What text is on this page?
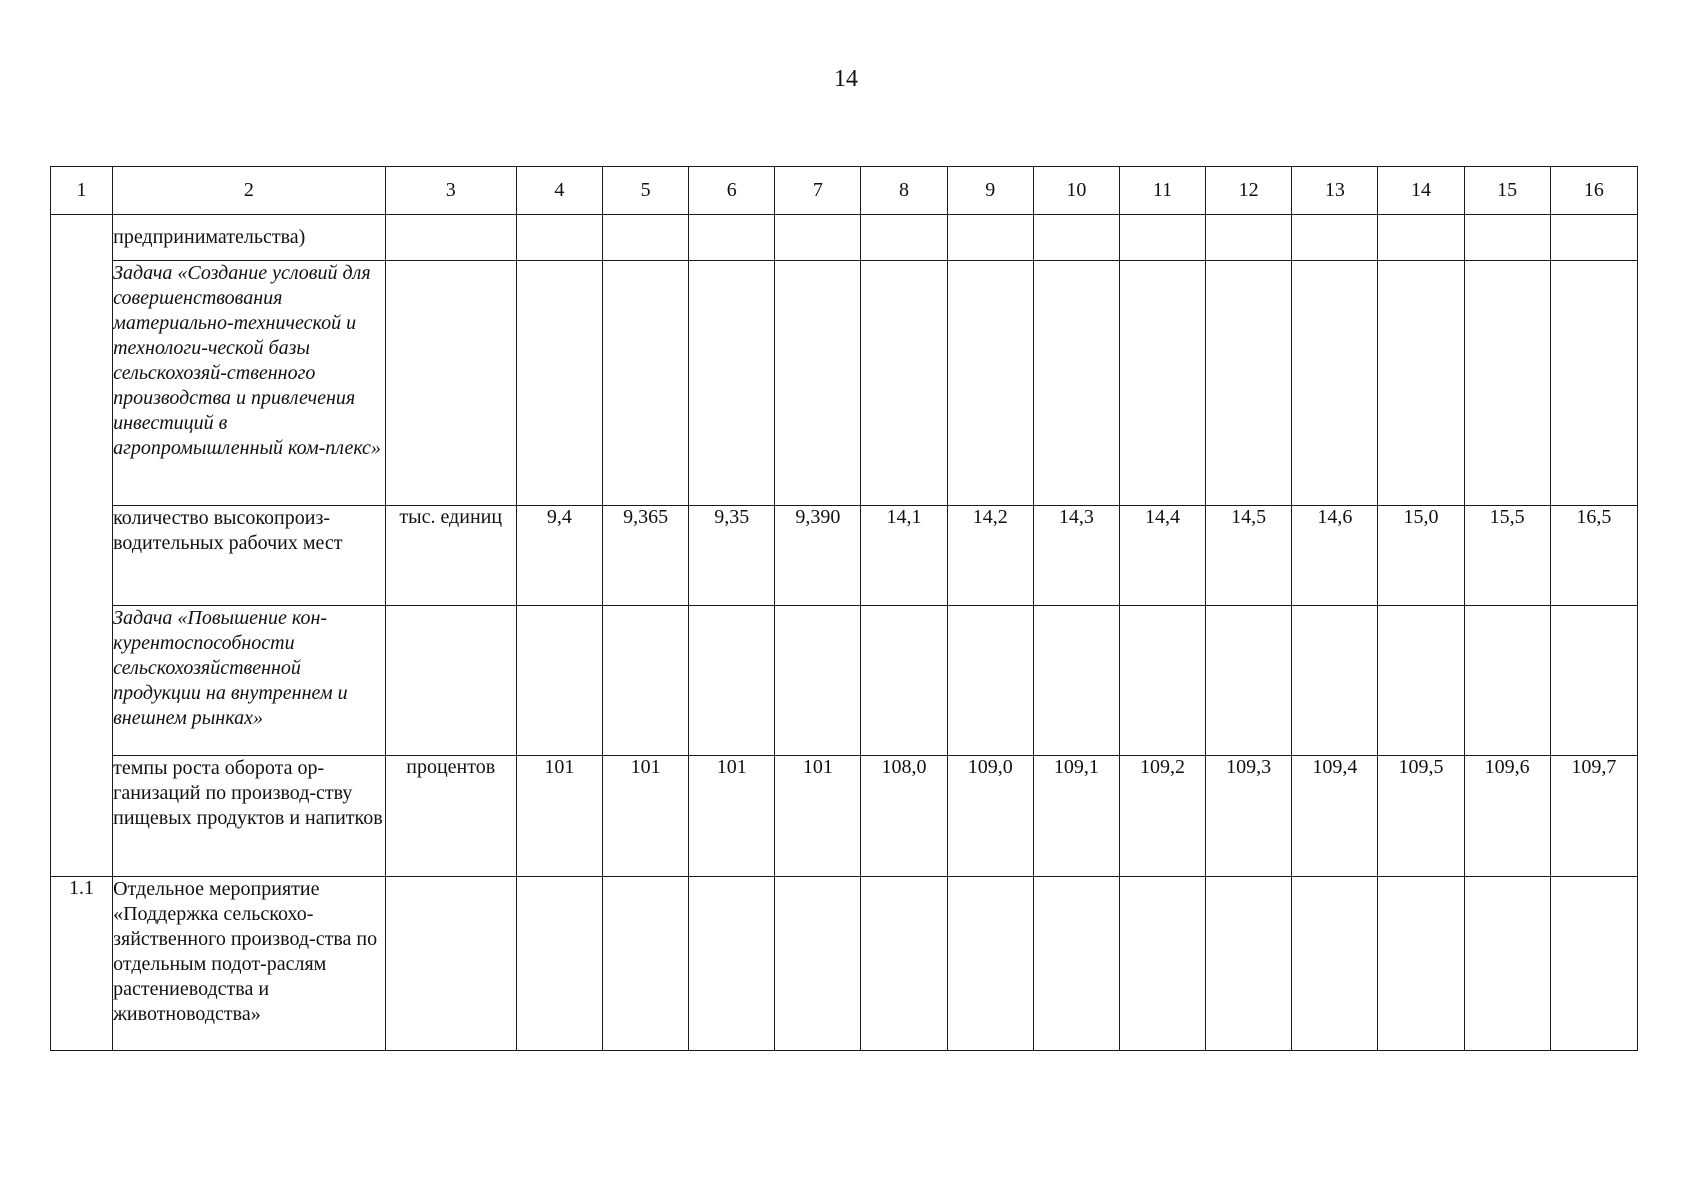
14
1	2	3	4	5	6	7	8	9	10	11	12	13	14	15	16
	предпринимательства)														
	Задача «Создание условий для совершенствования материально-технической и технологи-ческой базы сельскохозяй-ственного производства и привлечения инвестиций в агропромышленный ком-плекс»														
	количество высокопроиз-водительных рабочих мест	тыс. единиц	9,4	9,365	9,35	9,390	14,1	14,2	14,3	14,4	14,5	14,6	15,0	15,5	16,5
	Задача «Повышение кон-курентоспособности сельскохозяйственной продукции на внутреннем и внешнем рынках»														
	темпы роста оборота ор-ганизаций по производ-ству пищевых продуктов и напитков	процентов	101	101	101	101	108,0	109,0	109,1	109,2	109,3	109,4	109,5	109,6	109,7
1.1	Отдельное мероприятие «Поддержка сельскохо-зяйственного производ-ства по отдельным подот-раслям растениеводства и животноводства»														
